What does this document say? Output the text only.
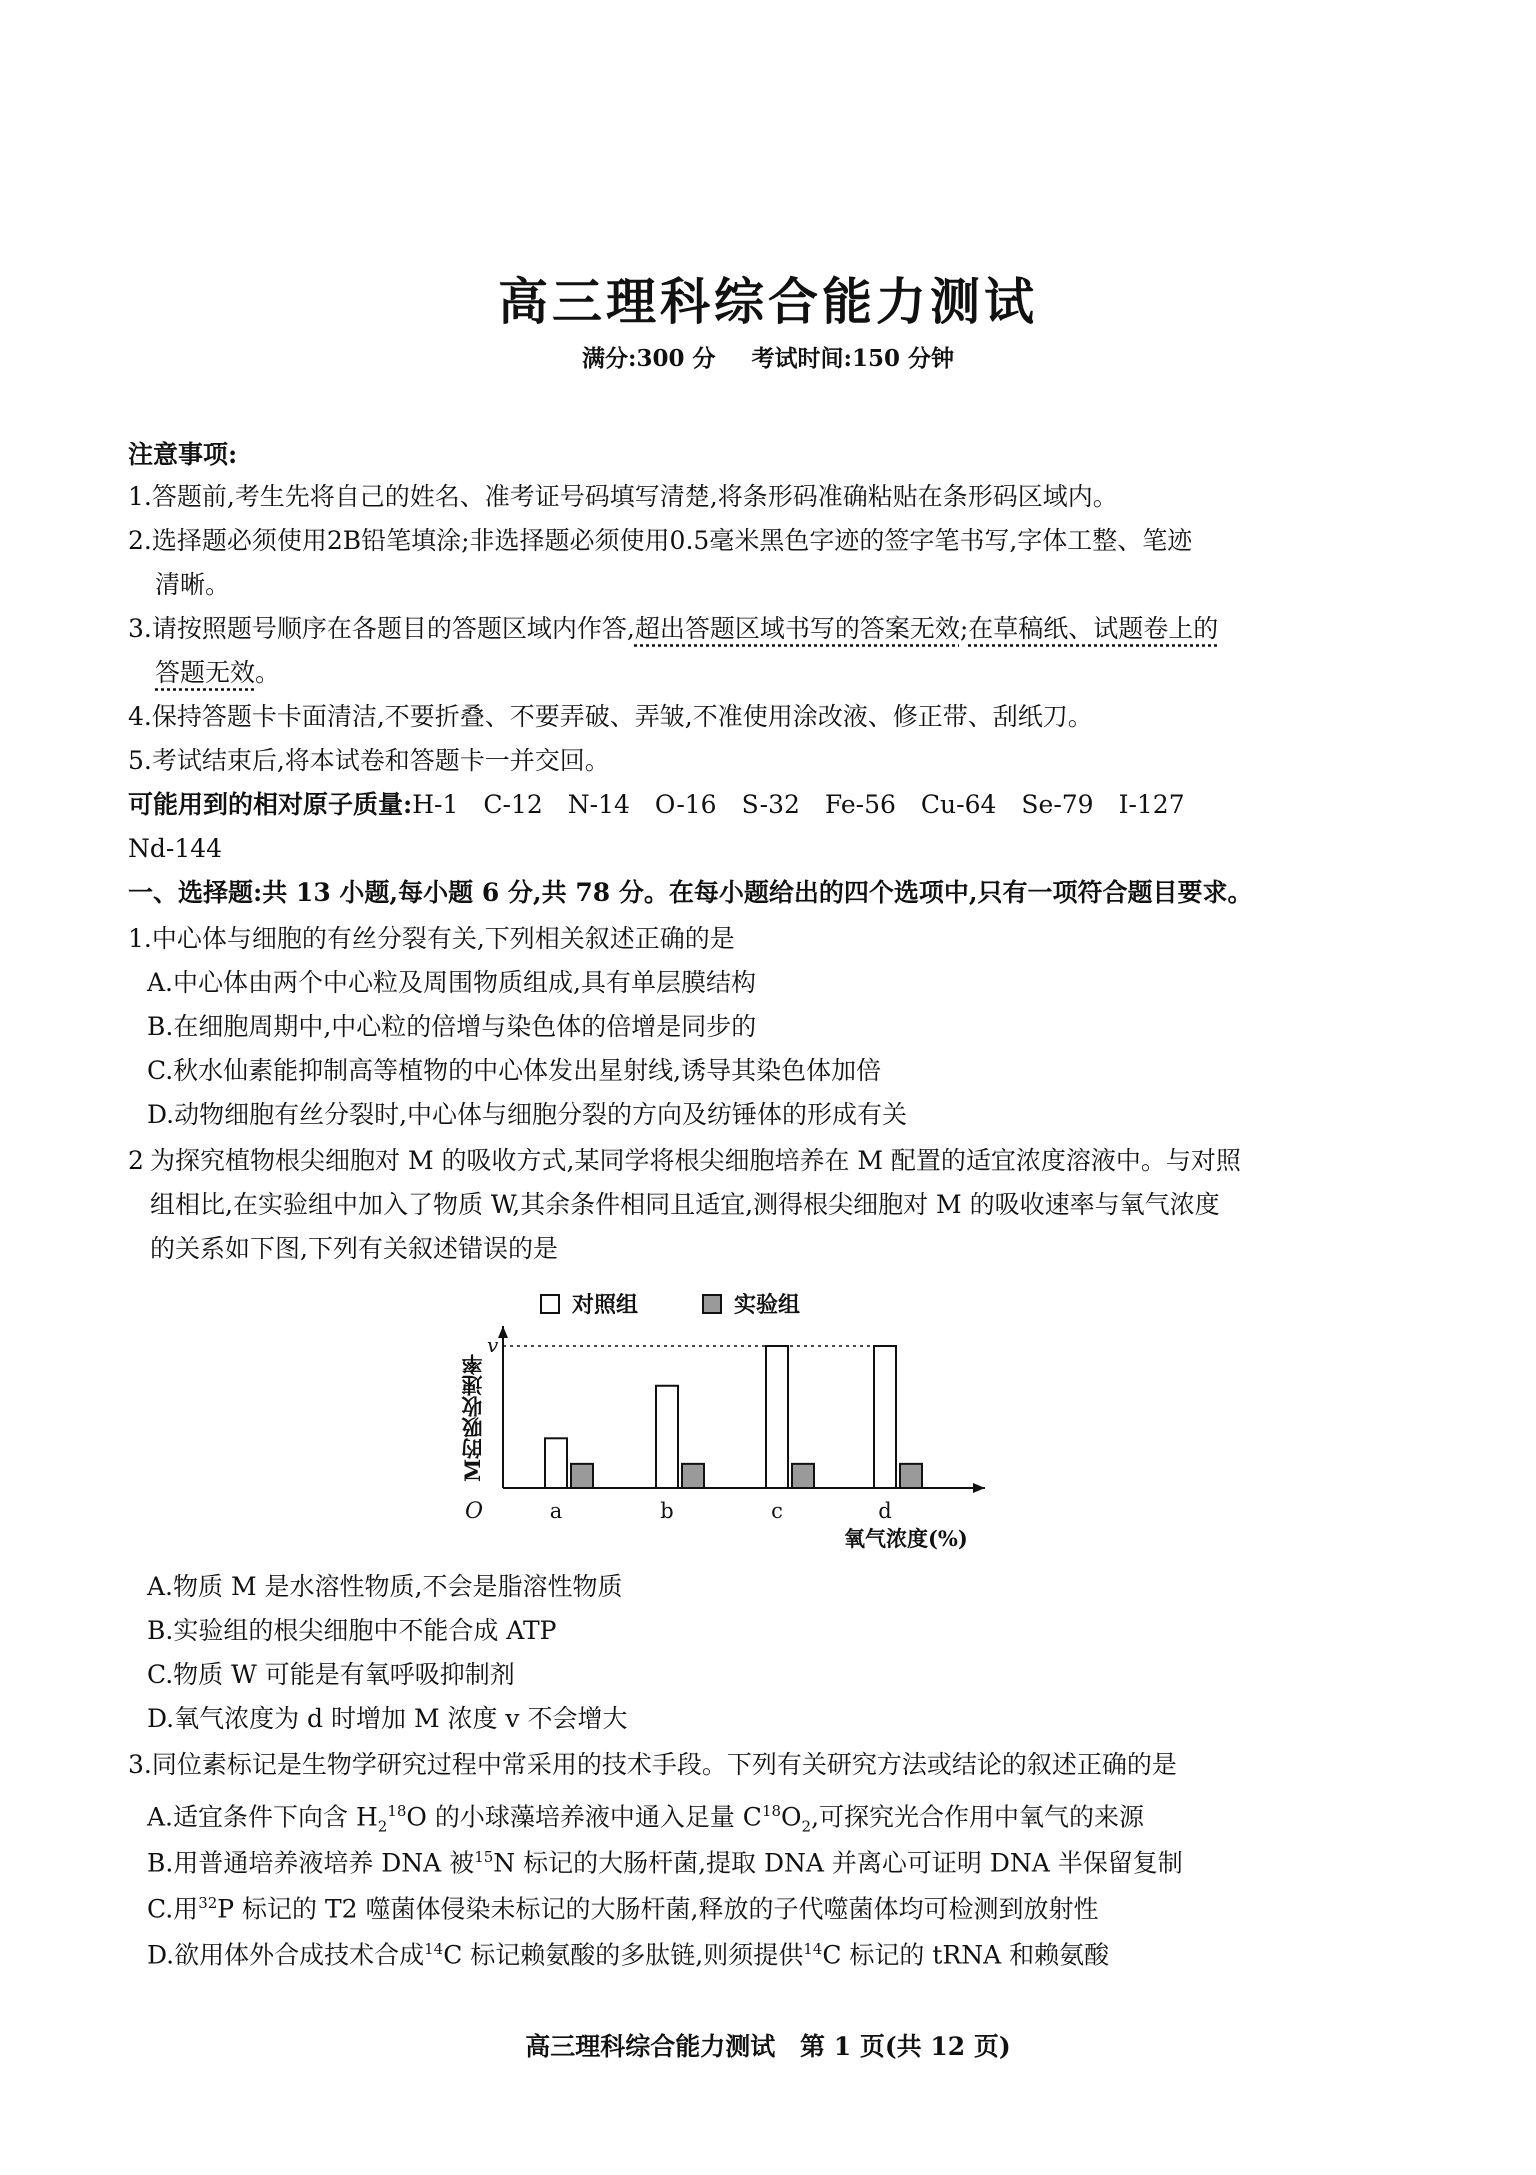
高三理科综合能力测试
满分:300 分 考试时间:150 分钟
注意事项:
1.答题前,考生先将自己的姓名、准考证号码填写清楚,将条形码准确粘贴在条形码区域内。
2.选择题必须使用2B铅笔填涂;非选择题必须使用0.5毫米黑色字迹的签字笔书写,字体工整、笔迹
清晰。
3.请按照题号顺序在各题目的答题区域内作答,超出答题区域书写的答案无效;在草稿纸、试题卷上的
答题无效。
4.保持答题卡卡面清洁,不要折叠、不要弄破、弄皱,不准使用涂改液、修正带、刮纸刀。
5.考试结束后,将本试卷和答题卡一并交回。
可能用到的相对原子质量:H-1　C-12　N-14　O-16　S-32　Fe-56　Cu-64　Se-79　I-127
Nd-144
一、选择题:共 13 小题,每小题 6 分,共 78 分。在每小题给出的四个选项中,只有一项符合题目要求。
1.中心体与细胞的有丝分裂有关,下列相关叙述正确的是
A.中心体由两个中心粒及周围物质组成,具有单层膜结构
B.在细胞周期中,中心粒的倍增与染色体的倍增是同步的
C.秋水仙素能抑制高等植物的中心体发出星射线,诱导其染色体加倍
D.动物细胞有丝分裂时,中心体与细胞分裂的方向及纺锤体的形成有关
2 为探究植物根尖细胞对 M 的吸收方式,某同学将根尖细胞培养在 M 配置的适宜浓度溶液中。与对照
组相比,在实验组中加入了物质 W,其余条件相同且适宜,测得根尖细胞对 M 的吸收速率与氧气浓度
的关系如下图,下列有关叙述错误的是
对照组	实验组
M的吸收速率
氧气浓度(%)
v
O	a	b	c	d
A.物质 M 是水溶性物质,不会是脂溶性物质
B.实验组的根尖细胞中不能合成 ATP
C.物质 W 可能是有氧呼吸抑制剂
D.氧气浓度为 d 时增加 M 浓度 v 不会增大
3.同位素标记是生物学研究过程中常采用的技术手段。下列有关研究方法或结论的叙述正确的是
A.适宜条件下向含 $H_2^{18}O$ 的小球藻培养液中通入足量 $C^{18}O_2$,可探究光合作用中氧气的来源
B.用普通培养液培养 DNA 被$^{15}$N 标记的大肠杆菌,提取 DNA 并离心可证明 DNA 半保留复制
C.用$^{32}$P 标记的 T2 噬菌体侵染未标记的大肠杆菌,释放的子代噬菌体均可检测到放射性
D.欲用体外合成技术合成$^{14}$C 标记赖氨酸的多肽链,则须提供$^{14}$C 标记的 tRNA 和赖氨酸
高三理科综合能力测试 第 1 页(共 12 页)
